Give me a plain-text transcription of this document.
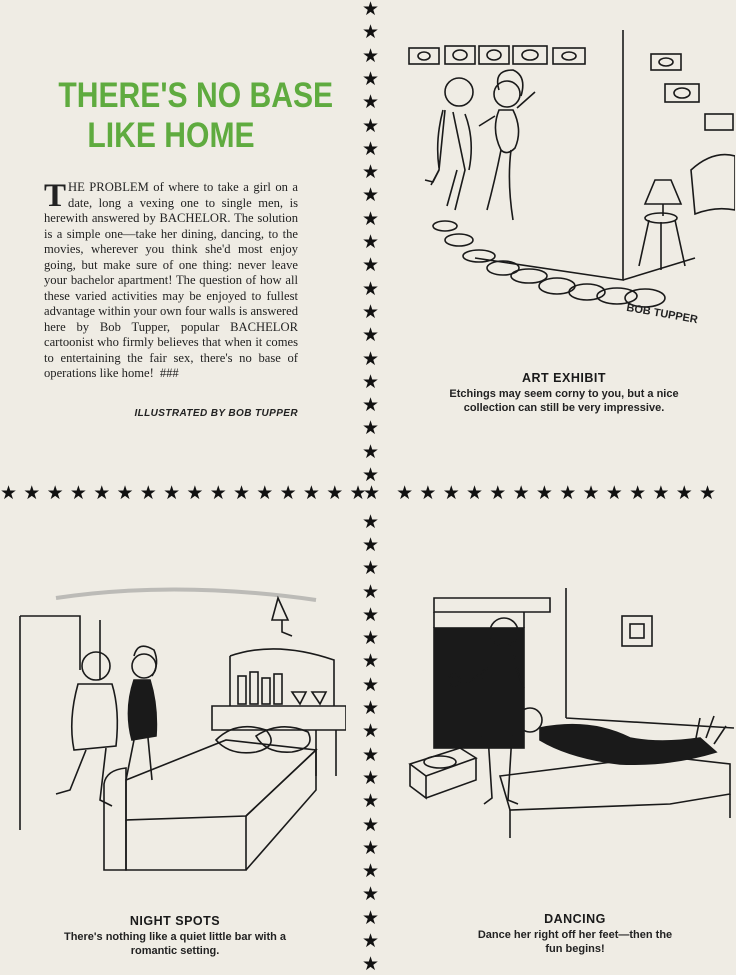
★
★
★
★
★
★
★
★
★
★
★
★
★
★
★
★
★
★
★
★
★
★
★
★
★
★
★
★
★
★
★
★
★
★
★
★
★
★
★
★
★
★ ★ ★ ★ ★ ★ ★ ★ ★ ★ ★ ★ ★ ★ ★ ★ ★ ★ ★ ★ ★ ★ ★ ★ ★ ★ ★ ★ ★ ★
★
THERE'S NO BASE
LIKE HOME
THE PROBLEM of where to take a girl on a date, long a vexing one to single men, is herewith answered by BACHELOR. The solution is a simple one—take her dining, dancing, to the movies, wherever you think she'd most enjoy going, but make sure of one thing: never leave your bachelor apartment! The question of how all these varied activities may be enjoyed to fullest advantage within your own four walls is answered here by Bob Tupper, popular BACHELOR cartoonist who firmly believes that when it comes to entertaining the fair sex, there's no base of operations like home! ###
ILLUSTRATED BY BOB TUPPER
BOB TUPPER
ART EXHIBIT

Etchings may seem corny to you, but a nice
collection can still be very impressive.

NIGHT SPOTS

There's nothing like a quiet little bar with a
romantic setting.

DANCING

Dance her right off her feet—then the
fun begins!
